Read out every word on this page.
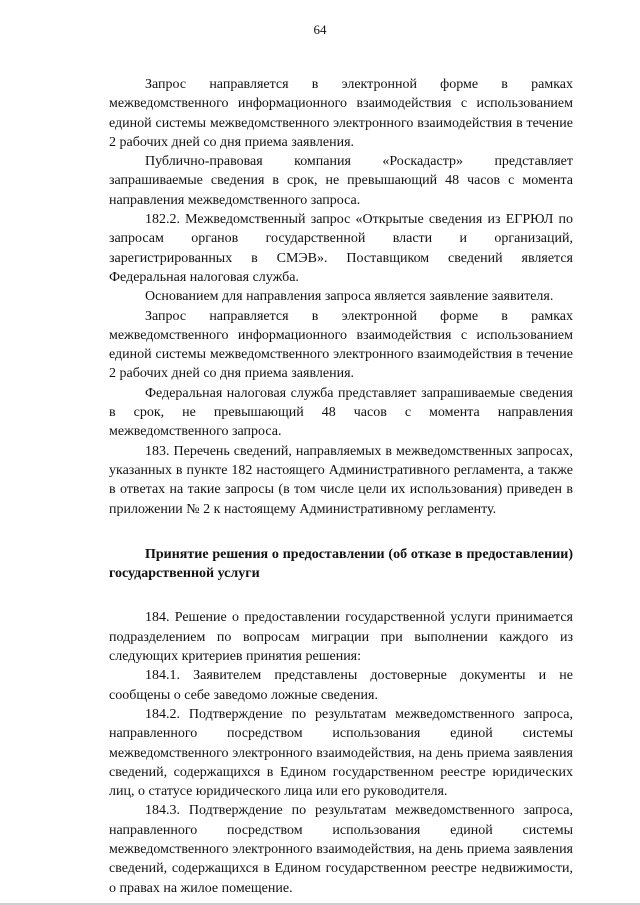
64

Запрос направляется в электронной форме в рамках межведомственного информационного взаимодействия с использованием единой системы межведомственного электронного взаимодействия в течение 2 рабочих дней со дня приема заявления.

Публично-правовая компания «Роскадастр» представляет запрашиваемые сведения в срок, не превышающий 48 часов с момента направления межведомственного запроса.

182.2. Межведомственный запрос «Открытые сведения из ЕГРЮЛ по запросам органов государственной власти и организаций, зарегистрированных в СМЭВ». Поставщиком сведений является Федеральная налоговая служба.

Основанием для направления запроса является заявление заявителя.

Запрос направляется в электронной форме в рамках межведомственного информационного взаимодействия с использованием единой системы межведомственного электронного взаимодействия в течение 2 рабочих дней со дня приема заявления.

Федеральная налоговая служба представляет запрашиваемые сведения в срок, не превышающий 48 часов с момента направления межведомственного запроса.

183. Перечень сведений, направляемых в межведомственных запросах, указанных в пункте 182 настоящего Административного регламента, а также в ответах на такие запросы (в том числе цели их использования) приведен в приложении № 2 к настоящему Административному регламенту.

Принятие решения о предоставлении (об отказе в предоставлении) государственной услуги

184. Решение о предоставлении государственной услуги принимается подразделением по вопросам миграции при выполнении каждого из следующих критериев принятия решения:

184.1. Заявителем представлены достоверные документы и не сообщены о себе заведомо ложные сведения.

184.2. Подтверждение по результатам межведомственного запроса, направленного посредством использования единой системы межведомственного электронного взаимодействия, на день приема заявления сведений, содержащихся в Едином государственном реестре юридических лиц, о статусе юридического лица или его руководителя.

184.3. Подтверждение по результатам межведомственного запроса, направленного посредством использования единой системы межведомственного электронного взаимодействия, на день приема заявления сведений, содержащихся в Едином государственном реестре недвижимости, о правах на жилое помещение.
